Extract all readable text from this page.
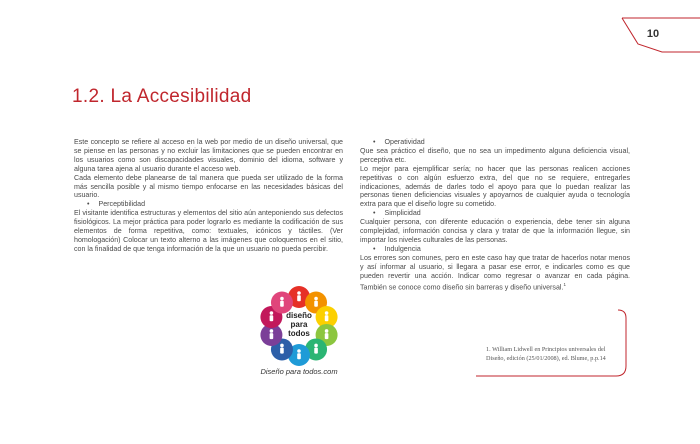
10
1.2. La Accesibilidad

Este concepto se refiere al acceso en la web por medio de un diseño universal, que se piense en las personas y no excluir las limitaciones que se pueden encontrar en los usuarios como son discapacidades visuales, dominio del idioma, software y alguna tarea ajena al usuario durante el acceso web.

Cada elemento debe planearse de tal manera que pueda ser utilizado de la forma más sencilla posible y al mismo tiempo enfocarse en las necesidades básicas del usuario.

• Perceptibilidad

El visitante identifica estructuras y elementos del sitio aún anteponiendo sus defectos fisiológicos. La mejor práctica para poder lograrlo es mediante la codificación de sus elementos de forma repetitiva, como: textuales, icónicos y táctiles. (Ver homologación) Colocar un texto alterno a las imágenes que coloquemos en el sitio, con la finalidad de que tenga información de la que un usuario no pueda percibir.

• Operatividad

Que sea práctico el diseño, que no sea un impedimento alguna deficiencia visual, perceptiva etc.

Lo mejor para ejemplificar sería; no hacer que las personas realicen acciones repetitivas o con algún esfuerzo extra, del que no se requiere, entregarles indicaciones, además de darles todo el apoyo para que lo puedan realizar las personas tienen deficiencias visuales y apoyarnos de cualquier ayuda o tecnología extra para que el diseño logre su cometido.

• Simplicidad

Cualquier persona, con diferente educación o experiencia, debe tener sin alguna complejidad, información concisa y clara y tratar de que la información llegue, sin importar los niveles culturales de las personas.

• Indulgencia

Los errores son comunes, pero en este caso hay que tratar de hacerlos notar menos y así informar al usuario, si llegara a pasar ese error, e indicarles como es que pueden revertir una acción. Indicar como regresar o avanzar en cada página. También se conoce como diseño sin barreras y diseño universal.$^1$

diseño
para
todos
Diseño para todos.com

1. William Lidwell en Principios universales del Diseño, edición (25/01/2008), ed. Blume, p.p.14
